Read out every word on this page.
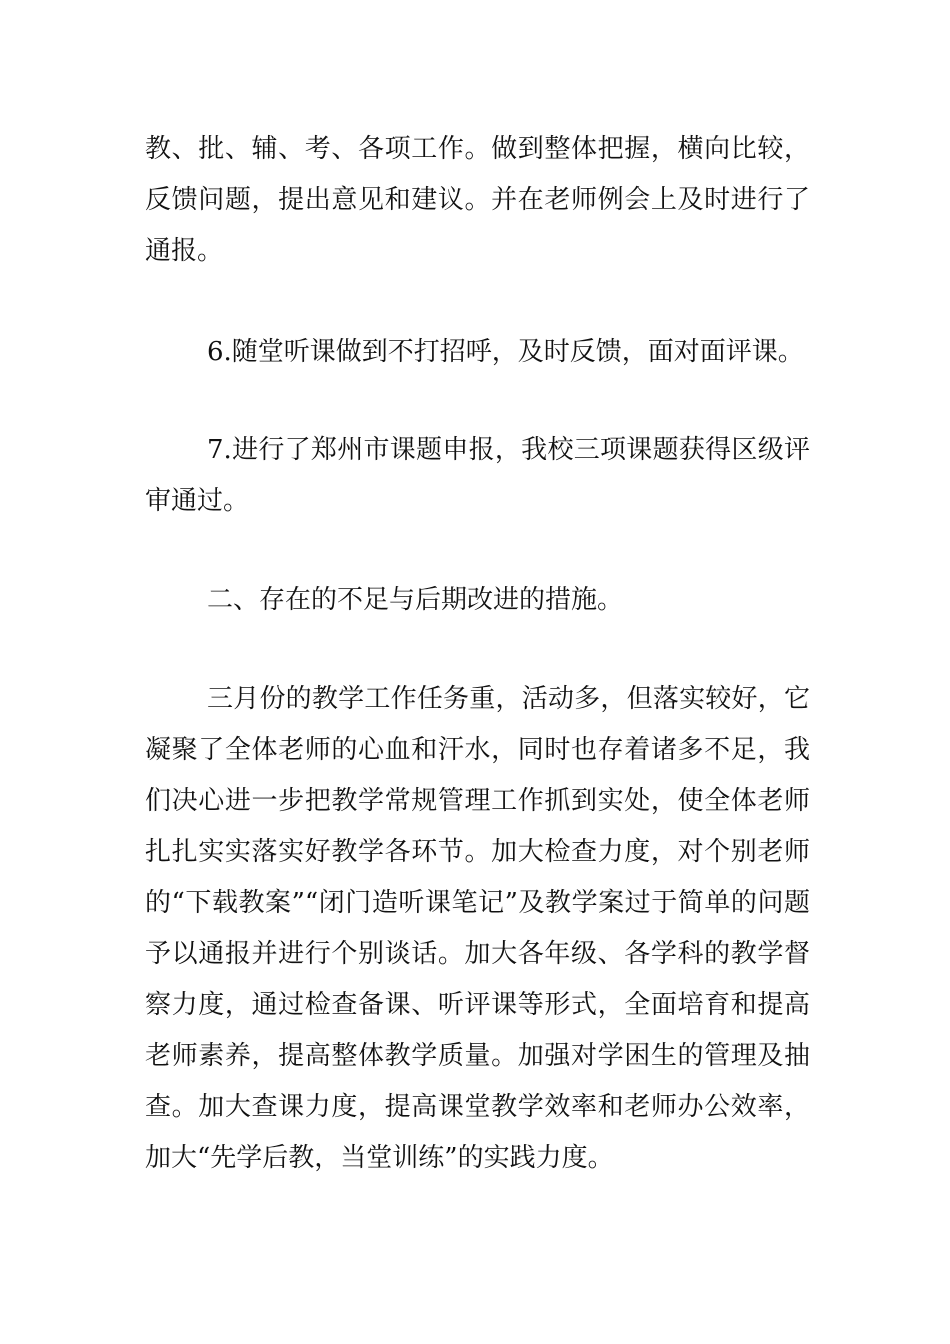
教、批、辅、考、各项工作。做到整体把握，横向比较，反馈问题，提出意见和建议。并在老师例会上及时进行了通报。

6.随堂听课做到不打招呼，及时反馈，面对面评课。

7.进行了郑州市课题申报，我校三项课题获得区级评审通过。

二、存在的不足与后期改进的措施。

三月份的教学工作任务重，活动多，但落实较好，它凝聚了全体老师的心血和汗水，同时也存着诸多不足，我们决心进一步把教学常规管理工作抓到实处，使全体老师扎扎实实落实好教学各环节。加大检查力度，对个别老师的“下载教案”“闭门造听课笔记”及教学案过于简单的问题予以通报并进行个别谈话。加大各年级、各学科的教学督察力度，通过检查备课、听评课等形式，全面培育和提高老师素养，提高整体教学质量。加强对学困生的管理及抽查。加大查课力度，提高课堂教学效率和老师办公效率，加大“先学后教，当堂训练”的实践力度。
